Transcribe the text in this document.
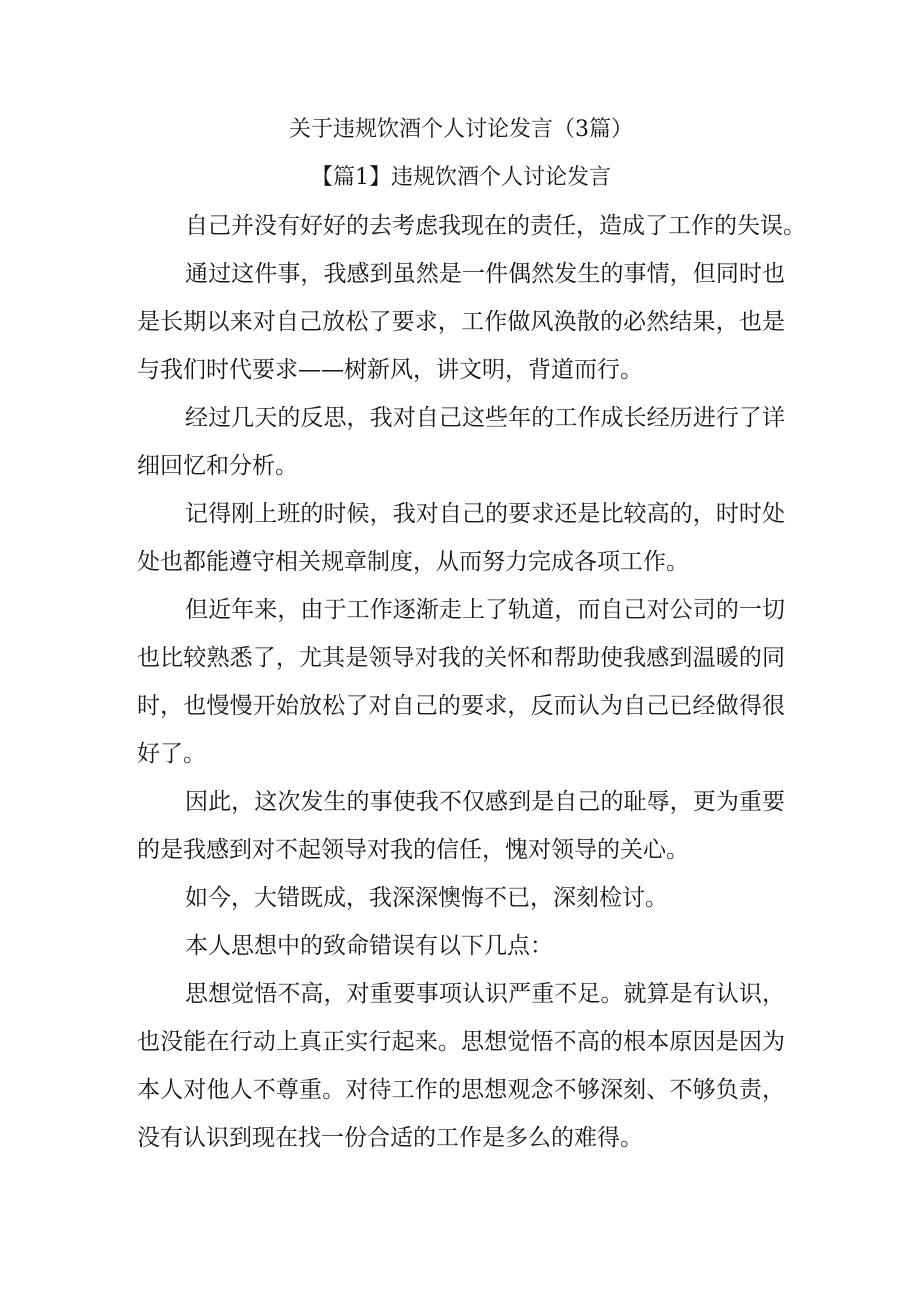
关于违规饮酒个人讨论发言（3篇）
【篇1】违规饮酒个人讨论发言
自己并没有好好的去考虑我现在的责任，造成了工作的失误。
通过这件事，我感到虽然是一件偶然发生的事情，但同时也
是长期以来对自己放松了要求，工作做风涣散的必然结果，也是
与我们时代要求——树新风，讲文明，背道而行。
经过几天的反思，我对自己这些年的工作成长经历进行了详
细回忆和分析。
记得刚上班的时候，我对自己的要求还是比较高的，时时处
处也都能遵守相关规章制度，从而努力完成各项工作。
但近年来，由于工作逐渐走上了轨道，而自己对公司的一切
也比较熟悉了，尤其是领导对我的关怀和帮助使我感到温暖的同
时，也慢慢开始放松了对自己的要求，反而认为自己已经做得很
好了。
因此，这次发生的事使我不仅感到是自己的耻辱，更为重要
的是我感到对不起领导对我的信任，愧对领导的关心。
如今，大错既成，我深深懊悔不已，深刻检讨。
本人思想中的致命错误有以下几点：
思想觉悟不高，对重要事项认识严重不足。就算是有认识，
也没能在行动上真正实行起来。思想觉悟不高的根本原因是因为
本人对他人不尊重。对待工作的思想观念不够深刻、不够负责，
没有认识到现在找一份合适的工作是多么的难得。
